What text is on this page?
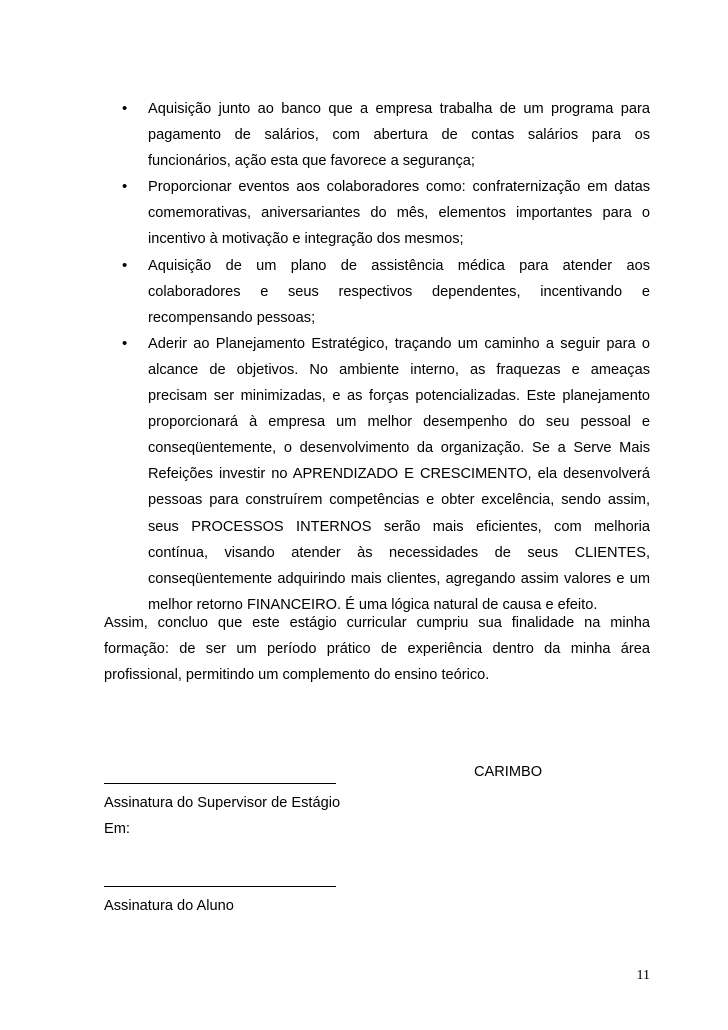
• Aquisição junto ao banco que a empresa trabalha de um programa para pagamento de salários, com abertura de contas salários para os funcionários, ação esta que favorece a segurança;
• Proporcionar eventos aos colaboradores como: confraternização em datas comemorativas, aniversariantes do mês, elementos importantes para o incentivo à motivação e integração dos mesmos;
• Aquisição de um plano de assistência médica para atender aos colaboradores e seus respectivos dependentes, incentivando e recompensando pessoas;
• Aderir ao Planejamento Estratégico, traçando um caminho a seguir para o alcance de objetivos. No ambiente interno, as fraquezas e ameaças precisam ser minimizadas, e as forças potencializadas. Este planejamento proporcionará à empresa um melhor desempenho do seu pessoal e conseqüentemente, o desenvolvimento da organização. Se a Serve Mais Refeições investir no APRENDIZADO E CRESCIMENTO, ela desenvolverá pessoas para construírem competências e obter excelência, sendo assim, seus PROCESSOS INTERNOS serão mais eficientes, com melhoria contínua, visando atender às necessidades de seus CLIENTES, conseqüentemente adquirindo mais clientes, agregando assim valores e um melhor retorno FINANCEIRO. É uma lógica natural de causa e efeito.

Assim, concluo que este estágio curricular cumpriu sua finalidade na minha formação: de ser um período prático de experiência dentro da minha área profissional, permitindo um complemento do ensino teórico.

CARIMBO

Assinatura do Supervisor de Estágio

Em:

Assinatura do Aluno

11
